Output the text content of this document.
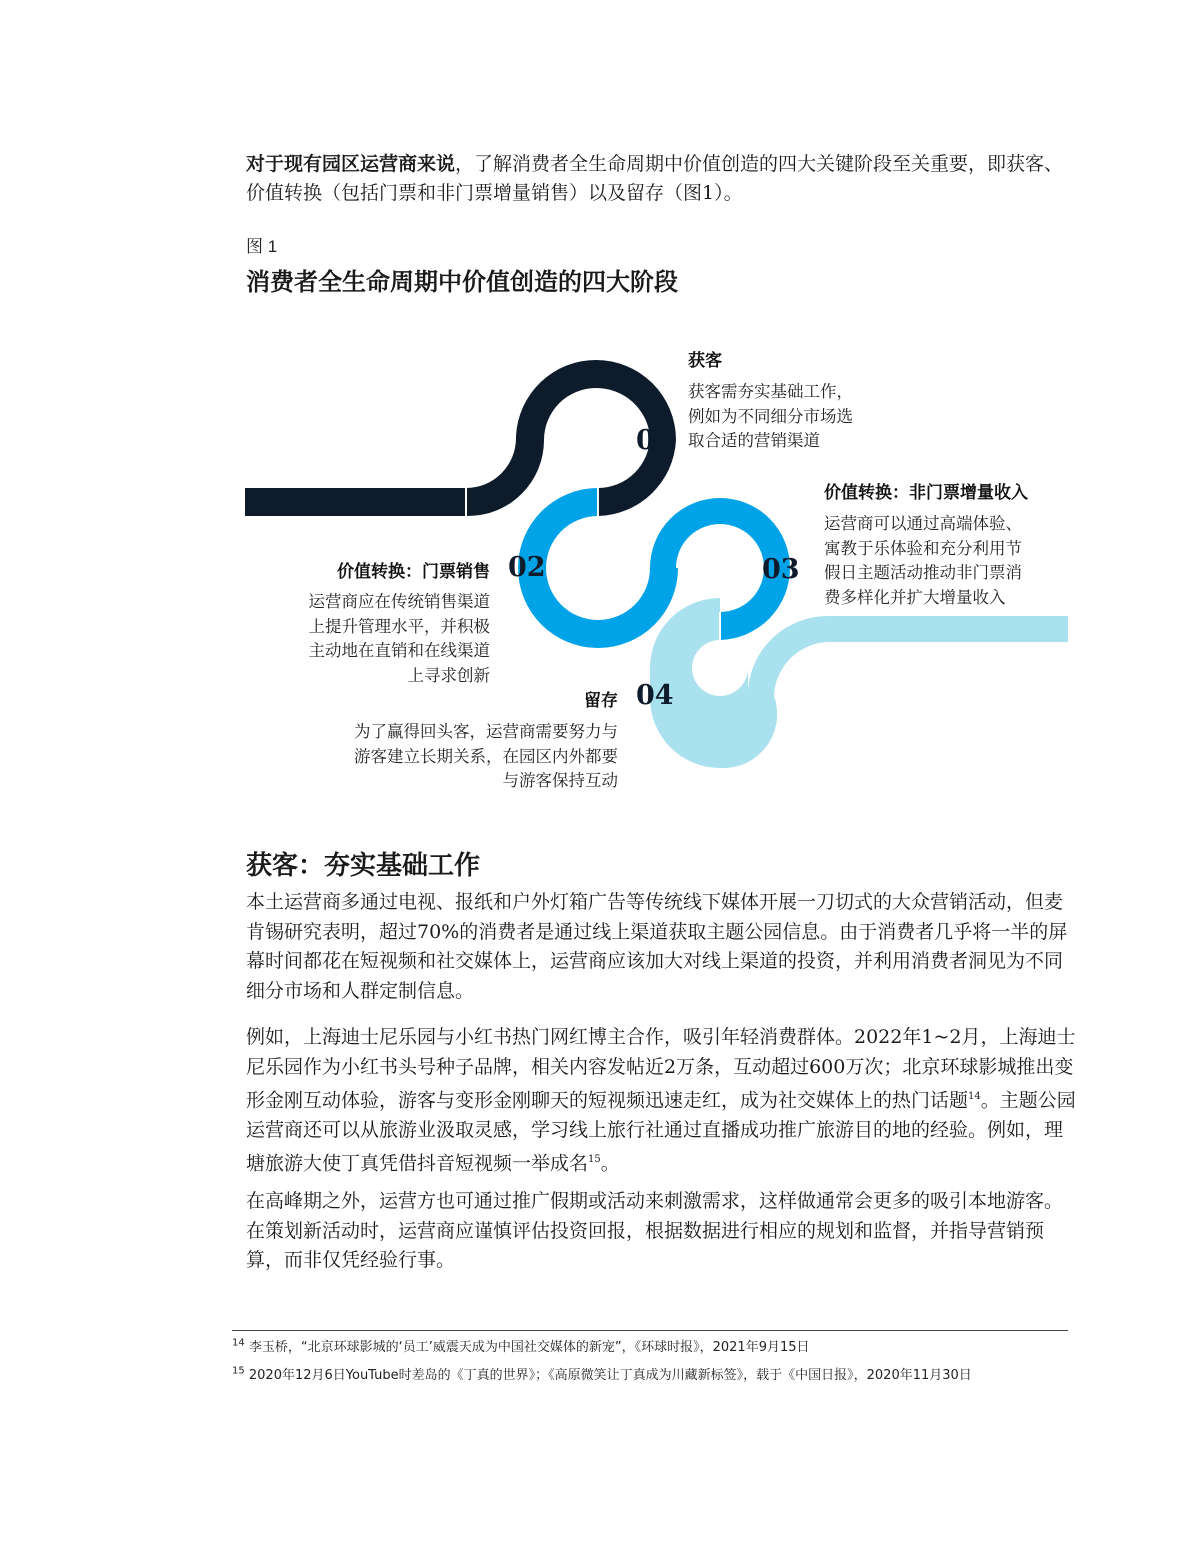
对于现有园区运营商来说，了解消费者全生命周期中价值创造的四大关键阶段至关重要，即获客、价值转换（包括门票和非门票增量销售）以及留存（图1）。

图 1
消费者全生命周期中价值创造的四大阶段
01
获客
获客需夯实基础工作，
例如为不同细分市场选
取合适的营销渠道
02
价值转换：门票销售
运营商应在传统销售渠道
上提升管理水平，并积极
主动地在直销和在线渠道
上寻求创新
03
价值转换：非门票增量收入
运营商可以通过高端体验、
寓教于乐体验和充分利用节
假日主题活动推动非门票消
费多样化并扩大增量收入
04
留存
为了赢得回头客，运营商需要努力与
游客建立长期关系，在园区内外都要
与游客保持互动
获客：夯实基础工作

本土运营商多通过电视、报纸和户外灯箱广告等传统线下媒体开展一刀切式的大众营销活动，但麦肯锡研究表明，超过70%的消费者是通过线上渠道获取主题公园信息。由于消费者几乎将一半的屏幕时间都花在短视频和社交媒体上，运营商应该加大对线上渠道的投资，并利用消费者洞见为不同细分市场和人群定制信息。

例如，上海迪士尼乐园与小红书热门网红博主合作，吸引年轻消费群体。2022年1~2月，上海迪士尼乐园作为小红书头号种子品牌，相关内容发帖近2万条，互动超过600万次；北京环球影城推出变形金刚互动体验，游客与变形金刚聊天的短视频迅速走红，成为社交媒体上的热门话题$^{14}$。主题公园运营商还可以从旅游业汲取灵感，学习线上旅行社通过直播成功推广旅游目的地的经验。例如，理塘旅游大使丁真凭借抖音短视频一举成名$^{15}$。

在高峰期之外，运营方也可通过推广假期或活动来刺激需求，这样做通常会更多的吸引本地游客。在策划新活动时，运营商应谨慎评估投资回报，根据数据进行相应的规划和监督，并指导营销预算，而非仅凭经验行事。

$^{14}$ 李玉桥，“北京环球影城的‘员工’威震天成为中国社交媒体的新宠”，《环球时报》，2021年9月15日
$^{15}$ 2020年12月6日YouTube时差岛的《丁真的世界》；《高原微笑让丁真成为川藏新标签》，载于《中国日报》，2020年11月30日
